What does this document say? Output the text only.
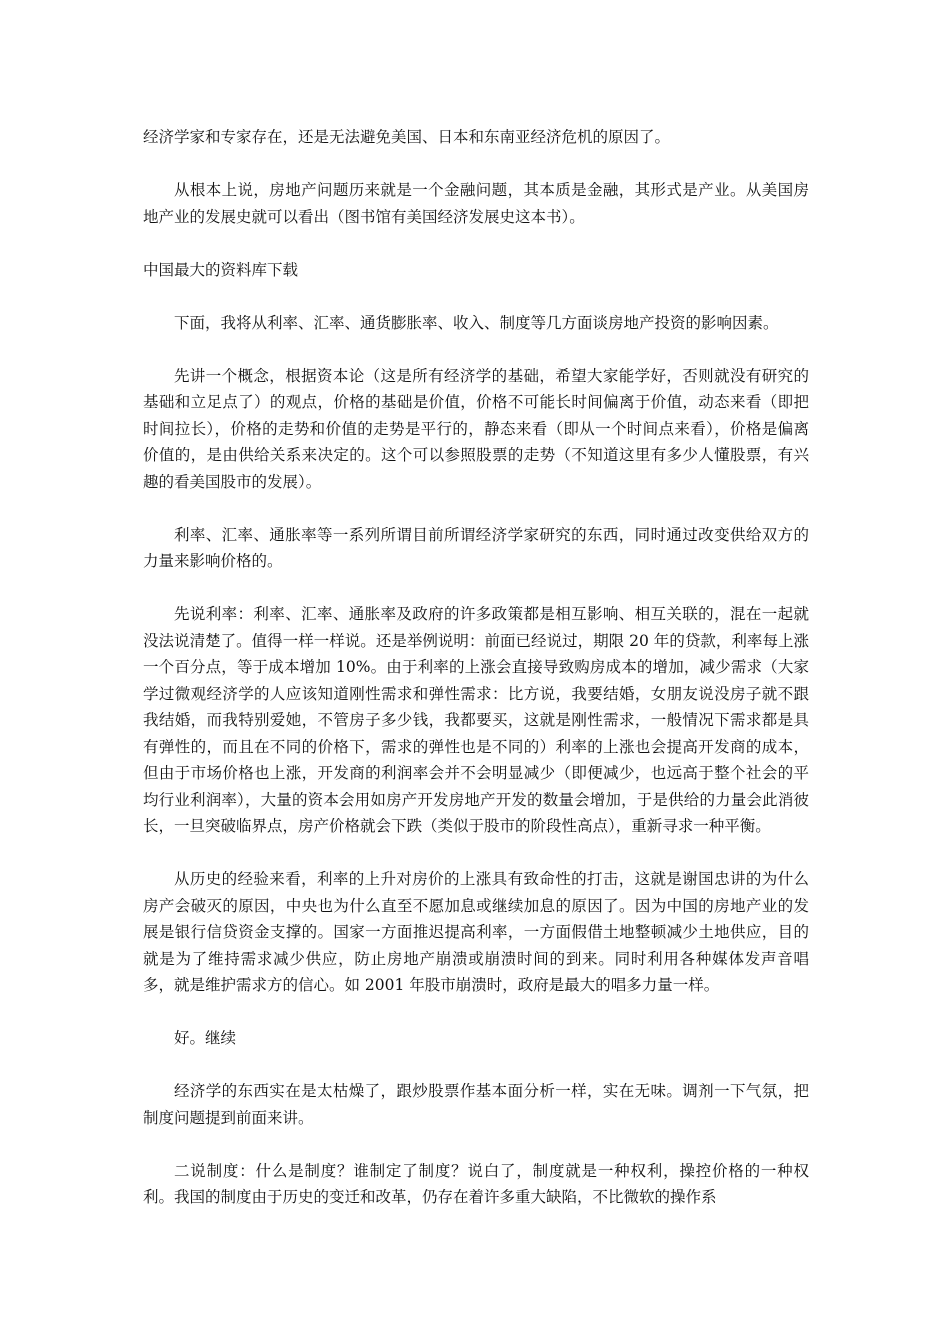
经济学家和专家存在，还是无法避免美国、日本和东南亚经济危机的原因了。

从根本上说，房地产问题历来就是一个金融问题，其本质是金融，其形式是产业。从美国房地产业的发展史就可以看出（图书馆有美国经济发展史这本书）。

中国最大的资料库下载

下面，我将从利率、汇率、通货膨胀率、收入、制度等几方面谈房地产投资的影响因素。

先讲一个概念，根据资本论（这是所有经济学的基础，希望大家能学好，否则就没有研究的基础和立足点了）的观点，价格的基础是价值，价格不可能长时间偏离于价值，动态来看（即把时间拉长），价格的走势和价值的走势是平行的，静态来看（即从一个时间点来看），价格是偏离价值的，是由供给关系来决定的。这个可以参照股票的走势（不知道这里有多少人懂股票，有兴趣的看美国股市的发展）。

利率、汇率、通胀率等一系列所谓目前所谓经济学家研究的东西，同时通过改变供给双方的力量来影响价格的。

先说利率：利率、汇率、通胀率及政府的许多政策都是相互影响、相互关联的，混在一起就没法说清楚了。值得一样一样说。还是举例说明：前面已经说过，期限 20 年的贷款，利率每上涨一个百分点，等于成本增加 10%。由于利率的上涨会直接导致购房成本的增加，减少需求（大家学过微观经济学的人应该知道刚性需求和弹性需求：比方说，我要结婚，女朋友说没房子就不跟我结婚，而我特别爱她，不管房子多少钱，我都要买，这就是刚性需求，一般情况下需求都是具有弹性的，而且在不同的价格下，需求的弹性也是不同的）利率的上涨也会提高开发商的成本，但由于市场价格也上涨，开发商的利润率会并不会明显减少（即便减少，也远高于整个社会的平均行业利润率），大量的资本会用如房产开发房地产开发的数量会增加，于是供给的力量会此消彼长，一旦突破临界点，房产价格就会下跌（类似于股市的阶段性高点），重新寻求一种平衡。

从历史的经验来看，利率的上升对房价的上涨具有致命性的打击，这就是谢国忠讲的为什么房产会破灭的原因，中央也为什么直至不愿加息或继续加息的原因了。因为中国的房地产业的发展是银行信贷资金支撑的。国家一方面推迟提高利率，一方面假借土地整顿减少土地供应，目的就是为了维持需求减少供应，防止房地产崩溃或崩溃时间的到来。同时利用各种媒体发声音唱多，就是维护需求方的信心。如 2001 年股市崩溃时，政府是最大的唱多力量一样。

好。继续

经济学的东西实在是太枯燥了，跟炒股票作基本面分析一样，实在无味。调剂一下气氛，把制度问题提到前面来讲。

二说制度：什么是制度？谁制定了制度？说白了，制度就是一种权利，操控价格的一种权利。我国的制度由于历史的变迁和改革，仍存在着许多重大缺陷，不比微软的操作系
